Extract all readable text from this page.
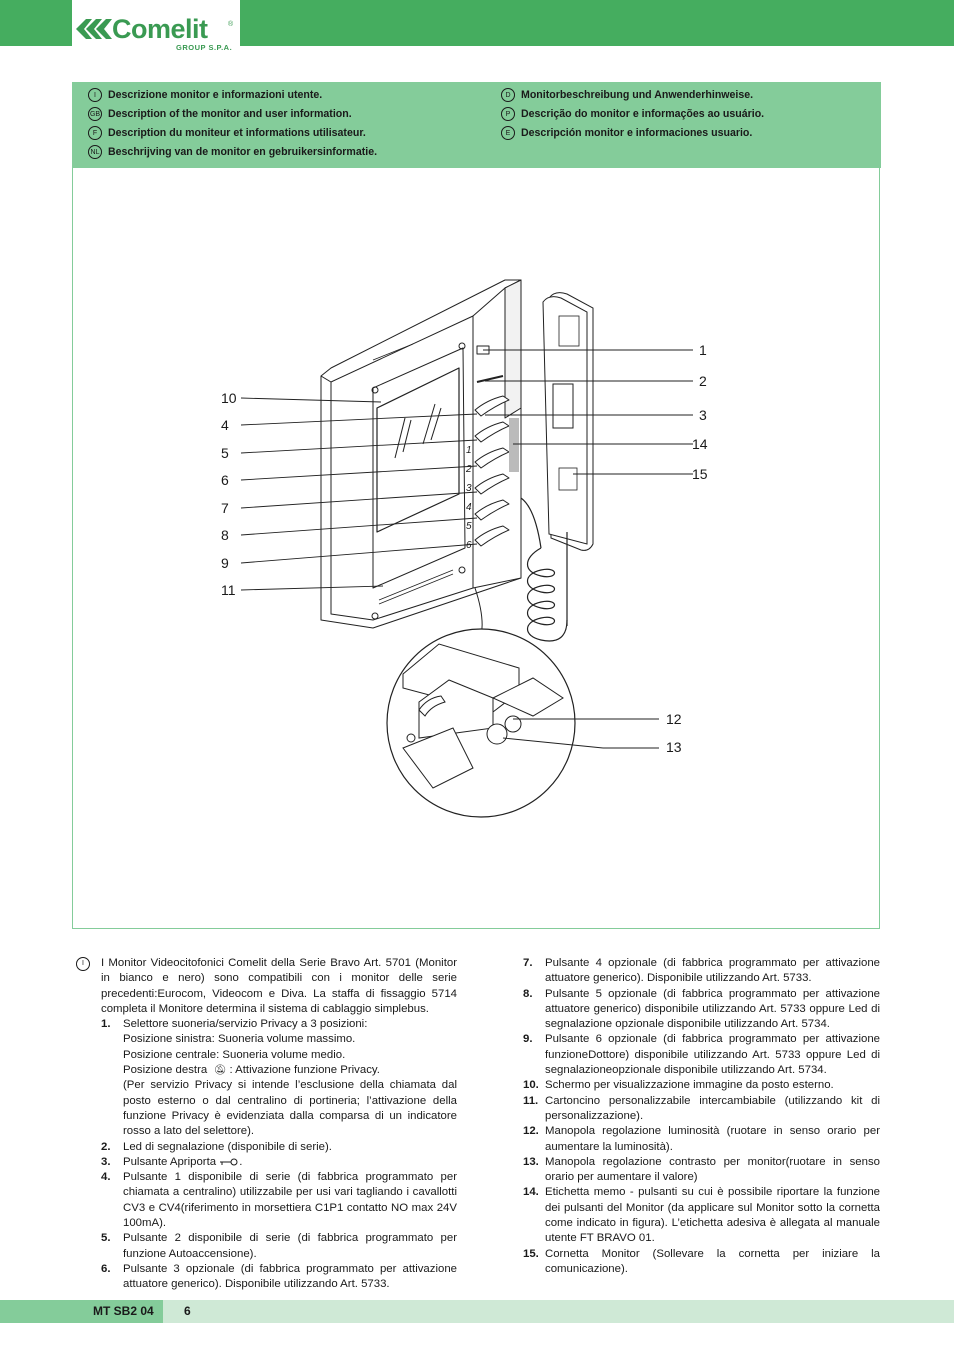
Comelit	®
GROUP S.P.A.
I	Descrizione monitor e informazioni utente.
GB Description of the monitor and user information.
F	Description du moniteur et informations utilisateur.
NL Beschrijving van de monitor en gebruikersinformatie.
D Monitorbeschreibung und Anwenderhinweise.
P	Descrição do monitor e informações ao usuário.
E	Descripción monitor e informaciones usuario.
10
4
5
6
7
8
9
11
1
2
3
14
15
12
13
1
2
3
4
5
6
I	I Monitor Videocitofonici Comelit della Serie Bravo Art. 5701 (Monitor in bianco e nero) sono compatibili con i monitor delle serie precedenti:Eurocom, Videocom e Diva. La staffa di fissaggio 5714 completa il Monitore determina il sistema di cablaggio simplebus.
1. Selettore suoneria/servizio Privacy a 3 posizioni:
Posizione sinistra: Suoneria volume massimo.
Posizione centrale: Suoneria volume medio.
Posizione destra 🔕︎ : Attivazione funzione Privacy.
(Per servizio Privacy si intende l’esclusione della chiamata dal posto esterno o dal centralino di portineria; l’attivazione della funzione Privacy è evidenziata dalla comparsa di un indicatore rosso a lato del selettore).
2. Led di segnalazione (disponibile di serie).
3. Pulsante Apriporta .
4. Pulsante 1 disponibile di serie (di fabbrica programmato per chiamata a centralino) utilizzabile per usi vari tagliando i cavallotti CV3 e CV4(riferimento in morsettiera C1P1 contatto NO max 24V 100mA).
5. Pulsante 2 disponibile di serie (di fabbrica programmato per funzione Autoaccensione).
6. Pulsante 3 opzionale (di fabbrica programmato per attivazione attuatore generico). Disponibile utilizzando Art. 5733.
7. Pulsante 4 opzionale (di fabbrica programmato per attivazione attuatore generico). Disponibile utilizzando Art. 5733.
8. Pulsante 5 opzionale (di fabbrica programmato per attivazione attuatore generico) disponibile utilizzando Art. 5733 oppure Led di segnalazione opzionale disponibile utilizzando Art. 5734.
9. Pulsante 6 opzionale (di fabbrica programmato per attivazione funzioneDottore) disponibile utilizzando Art. 5733 oppure Led di segnalazioneopzionale disponibile utilizzando Art. 5734.
10. Schermo per visualizzazione immagine da posto esterno.
11. Cartoncino personalizzabile intercambiabile (utilizzando kit di personalizzazione).
12. Manopola regolazione luminosità (ruotare in senso orario per aumentare la luminosità).
13. Manopola regolazione contrasto per monitor(ruotare in senso orario per aumentare il valore)
14. Etichetta memo - pulsanti su cui è possibile riportare la funzione dei pulsanti del Monitor (da applicare sul Monitor sotto la cornetta come indicato in figura). L’etichetta adesiva è allegata al manuale utente FT BRAVO 01.
15. Cornetta Monitor (Sollevare la cornetta per iniziare la comunicazione).
MT SB2 04	6
